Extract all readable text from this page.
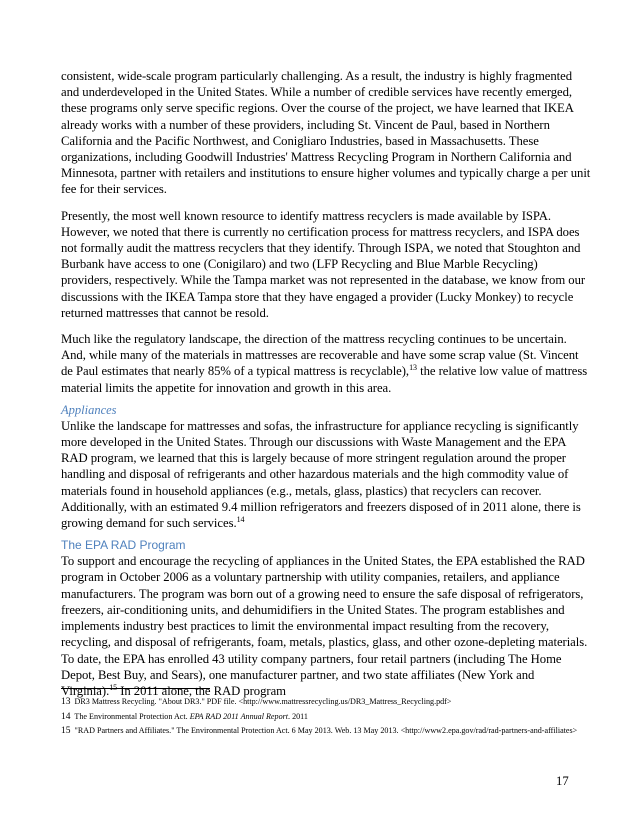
consistent, wide-scale program particularly challenging. As a result, the industry is highly fragmented and underdeveloped in the United States. While a number of credible services have recently emerged, these programs only serve specific regions. Over the course of the project, we have learned that IKEA already works with a number of these providers, including St. Vincent de Paul, based in Northern California and the Pacific Northwest, and Conigliaro Industries, based in Massachusetts. These organizations, including Goodwill Industries' Mattress Recycling Program in Northern California and Minnesota, partner with retailers and institutions to ensure higher volumes and typically charge a per unit fee for their services.

Presently, the most well known resource to identify mattress recyclers is made available by ISPA. However, we noted that there is currently no certification process for mattress recyclers, and ISPA does not formally audit the mattress recyclers that they identify. Through ISPA, we noted that Stoughton and Burbank have access to one (Conigilaro) and two (LFP Recycling and Blue Marble Recycling) providers, respectively. While the Tampa market was not represented in the database, we know from our discussions with the IKEA Tampa store that they have engaged a provider (Lucky Monkey) to recycle returned mattresses that cannot be resold.

Much like the regulatory landscape, the direction of the mattress recycling continues to be uncertain. And, while many of the materials in mattresses are recoverable and have some scrap value (St. Vincent de Paul estimates that nearly 85% of a typical mattress is recyclable),$^{13}$ the relative low value of mattress material limits the appetite for innovation and growth in this area.

Appliances

Unlike the landscape for mattresses and sofas, the infrastructure for appliance recycling is significantly more developed in the United States. Through our discussions with Waste Management and the EPA RAD program, we learned that this is largely because of more stringent regulation around the proper handling and disposal of refrigerants and other hazardous materials and the high commodity value of materials found in household appliances (e.g., metals, glass, plastics) that recyclers can recover. Additionally, with an estimated 9.4 million refrigerators and freezers disposed of in 2011 alone, there is growing demand for such services.$^{14}$

The EPA RAD Program

To support and encourage the recycling of appliances in the United States, the EPA established the RAD program in October 2006 as a voluntary partnership with utility companies, retailers, and appliance manufacturers. The program was born out of a growing need to ensure the safe disposal of refrigerators, freezers, air-conditioning units, and dehumidifiers in the United States. The program establishes and implements industry best practices to limit the environmental impact resulting from the recovery, recycling, and disposal of refrigerants, foam, metals, plastics, glass, and other ozone-depleting materials. To date, the EPA has enrolled 43 utility company partners, four retail partners (including The Home Depot, Best Buy, and Sears), one manufacturer partner, and two state affiliates (New York and Virginia).$^{15}$ In 2011 alone, the RAD program

13 DR3 Mattress Recycling. "About DR3." PDF file. <http://www.mattressrecycling.us/DR3_Mattress_Recycling.pdf>

14 The Environmental Protection Act. EPA RAD 2011 Annual Report. 2011

15 "RAD Partners and Affiliates." The Environmental Protection Act. 6 May 2013. Web. 13 May 2013. <http://www2.epa.gov/rad/rad-partners-and-affiliates>

17
